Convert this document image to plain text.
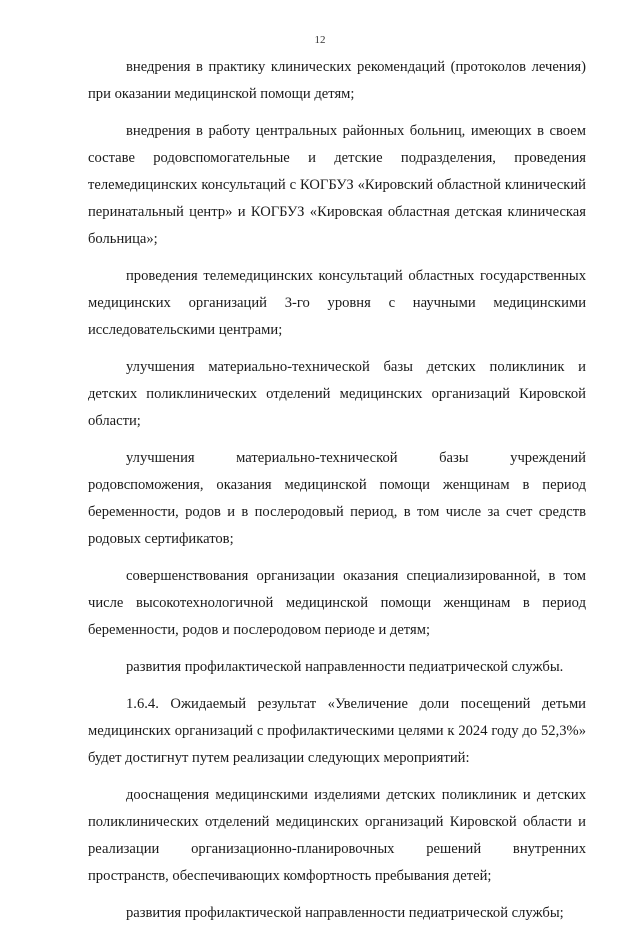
12

внедрения в практику клинических рекомендаций (протоколов лечения) при оказании медицинской помощи детям;

внедрения в работу центральных районных больниц, имеющих в своем составе родовспомогательные и детские подразделения, проведения телемедицинских консультаций с КОГБУЗ «Кировский областной клинический перинатальный центр» и КОГБУЗ «Кировская областная детская клиническая больница»;

проведения телемедицинских консультаций областных государственных медицинских организаций 3-го уровня с научными медицинскими исследовательскими центрами;

улучшения материально-технической базы детских поликлиник и детских поликлинических отделений медицинских организаций Кировской области;

улучшения материально-технической базы учреждений родовспоможения, оказания медицинской помощи женщинам в период беременности, родов и в послеродовый период, в том числе за счет средств родовых сертификатов;

совершенствования организации оказания специализированной, в том числе высокотехнологичной медицинской помощи женщинам в период беременности, родов и послеродовом периоде и детям;

развития профилактической направленности педиатрической службы.

1.6.4. Ожидаемый результат «Увеличение доли посещений детьми медицинских организаций с профилактическими целями к 2024 году до 52,3%» будет достигнут путем реализации следующих мероприятий:

дооснащения медицинскими изделиями детских поликлиник и детских поликлинических отделений медицинских организаций Кировской области и реализации организационно-планировочных решений внутренних пространств, обеспечивающих комфортность пребывания детей;

развития профилактической направленности педиатрической службы;
